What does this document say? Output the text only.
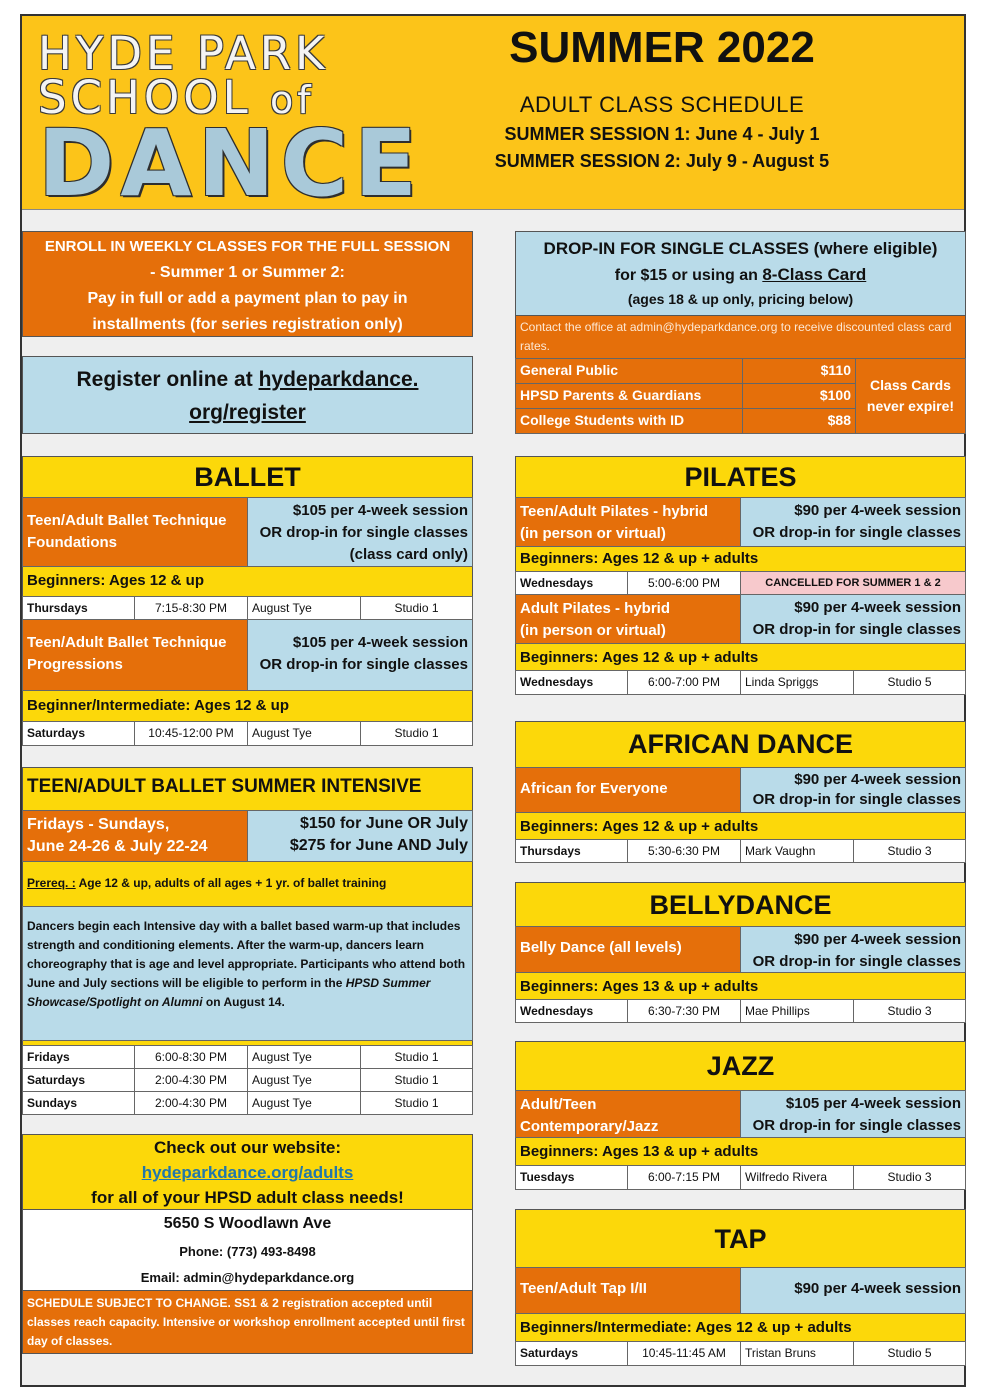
HYDE PARK
SCHOOL of
DANCE
SUMMER 2022
ADULT CLASS SCHEDULE
SUMMER SESSION 1: June 4 - July 1
SUMMER SESSION 2: July 9 - August 5
ENROLL IN WEEKLY CLASSES FOR THE FULL SESSION
- Summer 1 or Summer 2:
Pay in full or add a payment plan to pay in
installments (for series registration only)
Register online at hydeparkdance.
org/register
BALLET
Teen/Adult Ballet Technique
Foundations
$105 per 4-week session
OR drop-in for single classes
(class card only)
Beginners: Ages 12 & up
Thursdays	7:15-8:30 PM	August Tye	Studio 1
Teen/Adult Ballet Technique
Progressions
$105 per 4-week session
OR drop-in for single classes
Beginner/Intermediate: Ages 12 & up
Saturdays	10:45-12:00 PM	August Tye	Studio 1
TEEN/ADULT BALLET SUMMER INTENSIVE
Fridays - Sundays,
June 24-26 & July 22-24
$150 for June OR July
$275 for June AND July
Prereq. : Age 12 & up, adults of all ages + 1 yr. of ballet training
Dancers begin each Intensive day with a ballet based warm-up that includes strength and conditioning elements. After the warm-up, dancers learn choreography that is age and level appropriate. Participants who attend both June and July sections will be eligible to perform in the HPSD Summer Showcase/Spotlight on Alumni on August 14.
Fridays	6:00-8:30 PM	August Tye	Studio 1
Saturdays	2:00-4:30 PM	August Tye	Studio 1
Sundays	2:00-4:30 PM	August Tye	Studio 1
Check out our website:
hydeparkdance.org/adults
for all of your HPSD adult class needs!
5650 S Woodlawn Ave
Phone: (773) 493-8498
Email: admin@hydeparkdance.org
SCHEDULE SUBJECT TO CHANGE. SS1 & 2 registration accepted until classes reach capacity. Intensive or workshop enrollment accepted until first day of classes.
DROP-IN FOR SINGLE CLASSES (where eligible)
for $15 or using an 8-Class Card
(ages 18 & up only, pricing below)
Contact the office at admin@hydeparkdance.org to receive discounted class card rates.
General Public	$110
HPSD Parents & Guardians	$100
College Students with ID	$88
Class Cards
never expire!
PILATES
Teen/Adult Pilates - hybrid
(in person or virtual)
$90 per 4-week session
OR drop-in for single classes
Beginners: Ages 12 & up + adults
Wednesdays	5:00-6:00 PM	CANCELLED FOR SUMMER 1 & 2
Adult Pilates - hybrid
(in person or virtual)
$90 per 4-week session
OR drop-in for single classes
Beginners: Ages 12 & up + adults
Wednesdays	6:00-7:00 PM	Linda Spriggs	Studio 5
AFRICAN DANCE
African for Everyone
$90 per 4-week session
OR drop-in for single classes
Beginners: Ages 12 & up + adults
Thursdays	5:30-6:30 PM	Mark Vaughn	Studio 3
BELLYDANCE
Belly Dance (all levels)	$90 per 4-week session
OR drop-in for single classes
Beginners: Ages 13 & up + adults
Wednesdays	6:30-7:30 PM	Mae Phillips	Studio 3
JAZZ
Adult/Teen
Contemporary/Jazz
$105 per 4-week session
OR drop-in for single classes
Beginners: Ages 13 & up + adults
Tuesdays	6:00-7:15 PM	Wilfredo Rivera	Studio 3
TAP
Teen/Adult Tap I/II	$90 per 4-week session
Beginners/Intermediate: Ages 12 & up + adults
Saturdays	10:45-11:45 AM	Tristan Bruns	Studio 5
